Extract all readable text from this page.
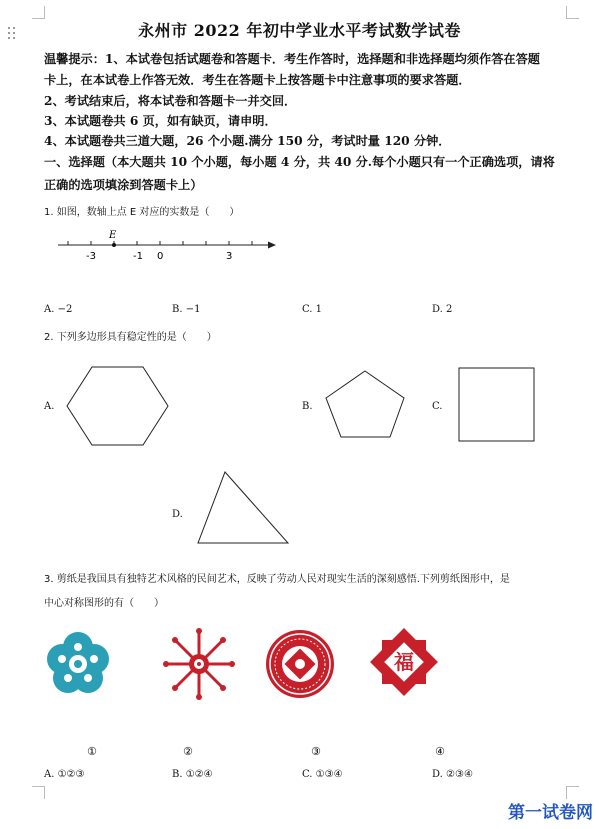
永州市 2022 年初中学业水平考试数学试卷
温馨提示：1、本试卷包括试题卷和答题卡．考生作答时，选择题和非选择题均须作答在答题
卡上，在本试卷上作答无效．考生在答题卡上按答题卡中注意事项的要求答题．
2、考试结束后，将本试卷和答题卡一并交回．
3、本试题卷共 6 页，如有缺页，请申明．
4、本试题卷共三道大题，26 个小题.满分 150 分，考试时量 120 分钟．
一、选择题（本大题共 10 个小题，每小题 4 分，共 40 分.每个小题只有一个正确选项，请将
正确的选项填涂到答题卡上）
1. 如图，数轴上点 E 对应的实数是（　　）
E
-3	-1 0	3
A. −2	B. −1	C. 1	D. 2
2. 下列多边形具有稳定性的是（　　）
A.	B.	C.
D.
3. 剪纸是我国具有独特艺术风格的民间艺术，反映了劳动人民对现实生活的深刻感悟.下列剪纸图形中，是
中心对称图形的有（　　）
福
①	②	③	④
A. ①②③	B. ①②④	C. ①③④	D. ②③④
第一试卷网
